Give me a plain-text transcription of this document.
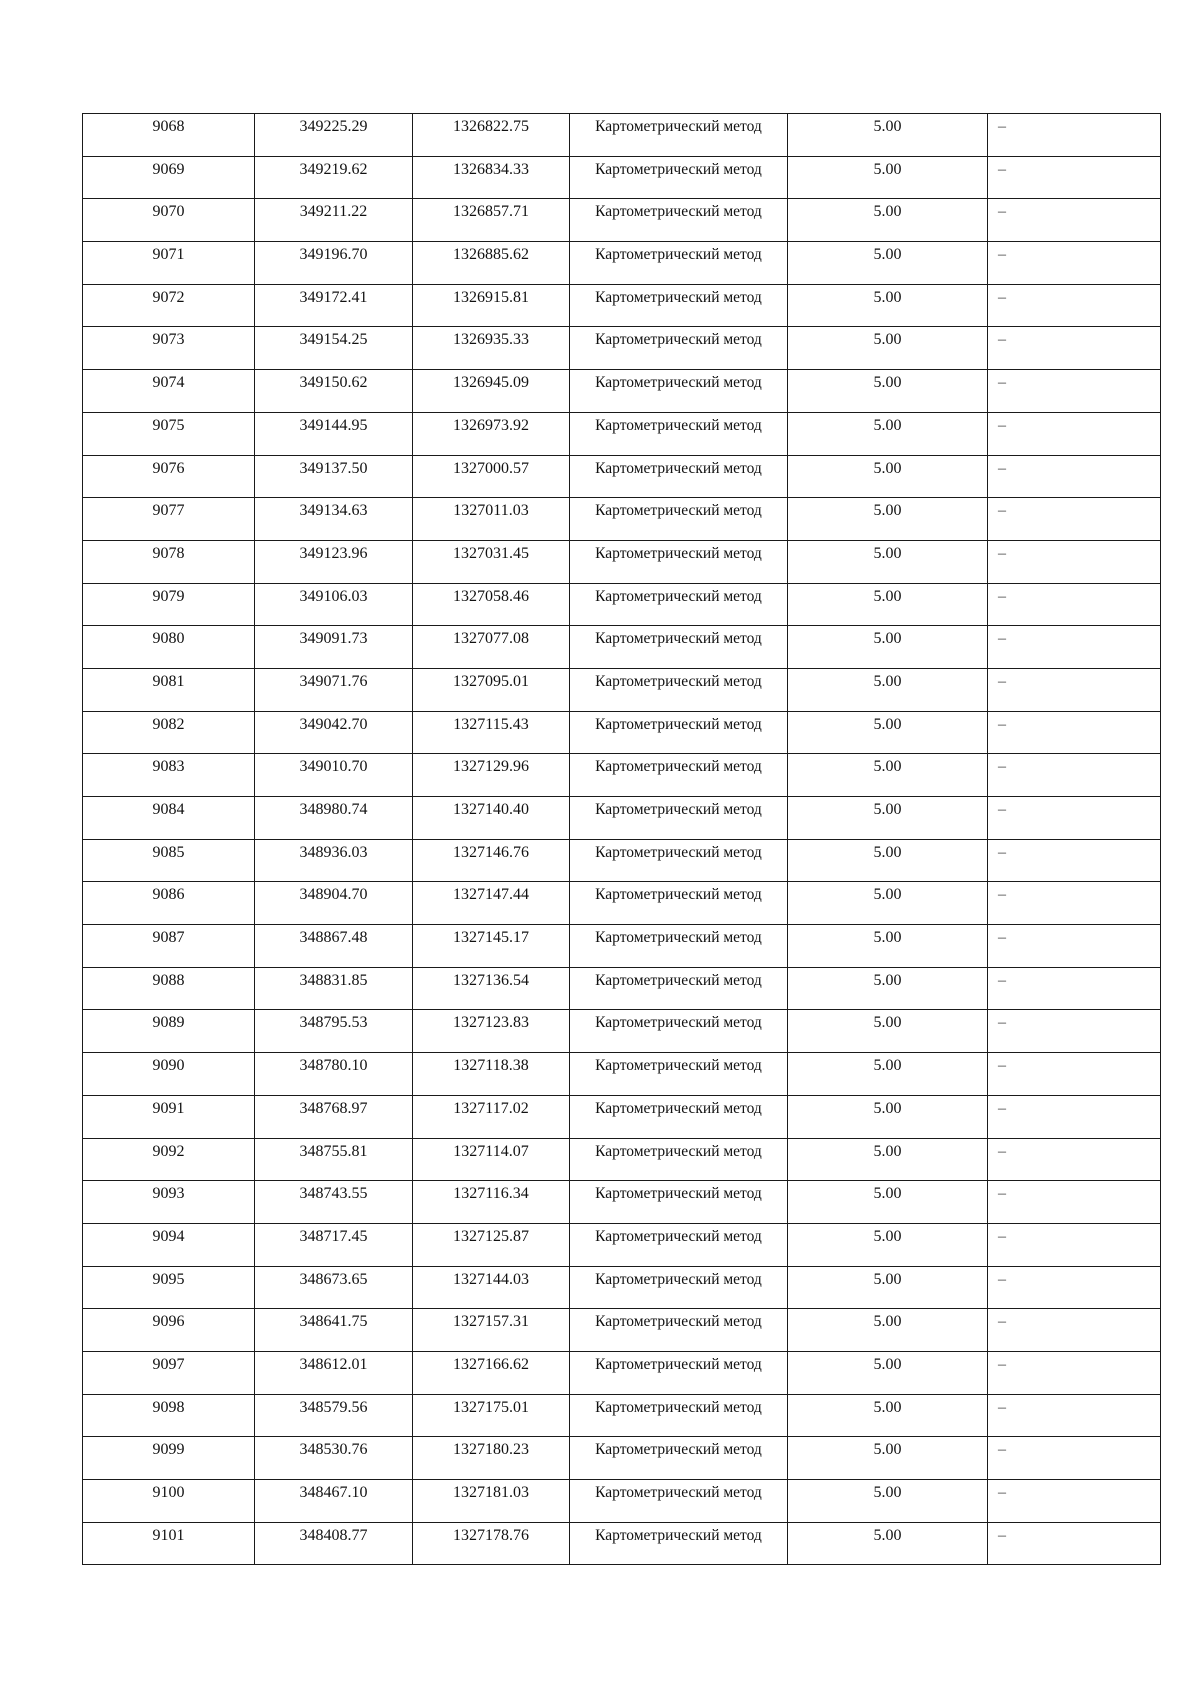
9068	349225.29	1326822.75	Картометрический метод	5.00	–

9069	349219.62	1326834.33	Картометрический метод	5.00	–

9070	349211.22	1326857.71	Картометрический метод	5.00	–

9071	349196.70	1326885.62	Картометрический метод	5.00	–

9072	349172.41	1326915.81	Картометрический метод	5.00	–

9073	349154.25	1326935.33	Картометрический метод	5.00	–

9074	349150.62	1326945.09	Картометрический метод	5.00	–

9075	349144.95	1326973.92	Картометрический метод	5.00	–

9076	349137.50	1327000.57	Картометрический метод	5.00	–

9077	349134.63	1327011.03	Картометрический метод	5.00	–

9078	349123.96	1327031.45	Картометрический метод	5.00	–

9079	349106.03	1327058.46	Картометрический метод	5.00	–

9080	349091.73	1327077.08	Картометрический метод	5.00	–

9081	349071.76	1327095.01	Картометрический метод	5.00	–

9082	349042.70	1327115.43	Картометрический метод	5.00	–

9083	349010.70	1327129.96	Картометрический метод	5.00	–

9084	348980.74	1327140.40	Картометрический метод	5.00	–

9085	348936.03	1327146.76	Картометрический метод	5.00	–

9086	348904.70	1327147.44	Картометрический метод	5.00	–

9087	348867.48	1327145.17	Картометрический метод	5.00	–

9088	348831.85	1327136.54	Картометрический метод	5.00	–

9089	348795.53	1327123.83	Картометрический метод	5.00	–

9090	348780.10	1327118.38	Картометрический метод	5.00	–

9091	348768.97	1327117.02	Картометрический метод	5.00	–

9092	348755.81	1327114.07	Картометрический метод	5.00	–

9093	348743.55	1327116.34	Картометрический метод	5.00	–

9094	348717.45	1327125.87	Картометрический метод	5.00	–

9095	348673.65	1327144.03	Картометрический метод	5.00	–

9096	348641.75	1327157.31	Картометрический метод	5.00	–

9097	348612.01	1327166.62	Картометрический метод	5.00	–

9098	348579.56	1327175.01	Картометрический метод	5.00	–

9099	348530.76	1327180.23	Картометрический метод	5.00	–

9100	348467.10	1327181.03	Картометрический метод	5.00	–

9101	348408.77	1327178.76	Картометрический метод	5.00	–
